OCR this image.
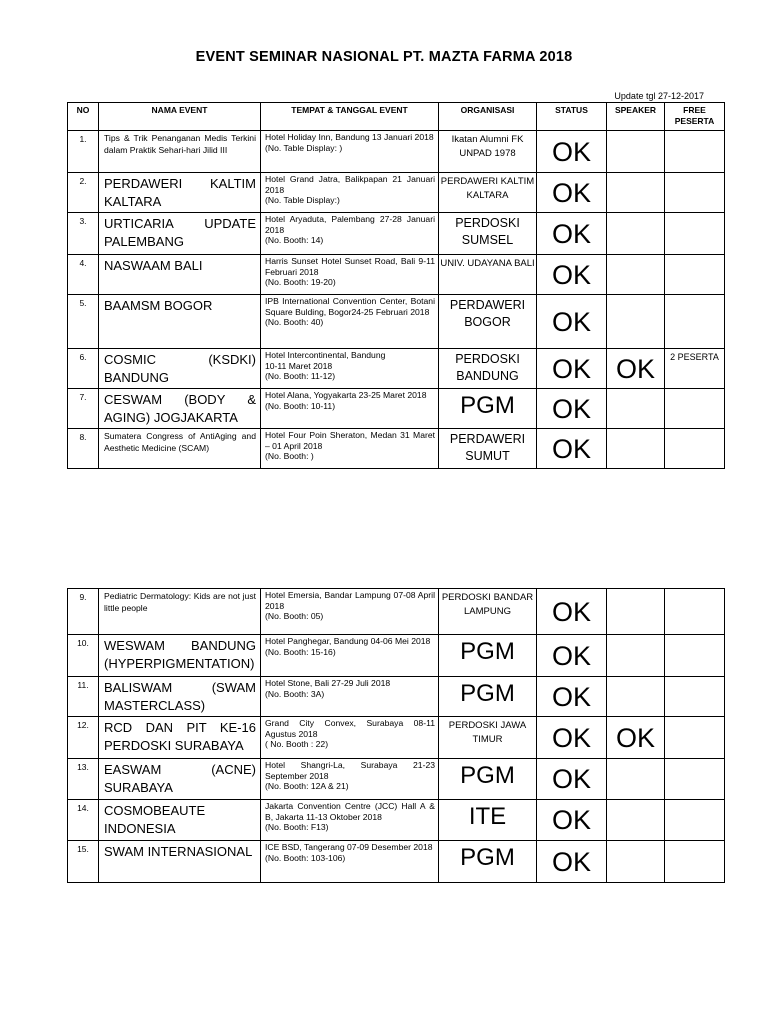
EVENT SEMINAR NASIONAL PT. MAZTA FARMA 2018
Update tgl 27-12-2017
NO	NAMA EVENT	TEMPAT & TANGGAL EVENT	ORGANISASI	STATUS	SPEAKER	FREE PESERTA
1.	Tips & Trik Penanganan Medis Terkini dalam Praktik Sehari-hari Jilid III	Hotel Holiday Inn, Bandung 13 Januari 2018
(No. Table Display: )	Ikatan Alumni FK UNPAD 1978	OK		
2.	PERDAWERI KALTIM KALTARA	Hotel Grand Jatra, Balikpapan 21 Januari 2018
(No. Table Display:)	PERDAWERI KALTIM KALTARA	OK		
3.	URTICARIA UPDATE PALEMBANG	Hotel Aryaduta, Palembang 27-28 Januari 2018
(No. Booth: 14)	PERDOSKI SUMSEL	OK		
4.	NASWAAM BALI	Harris Sunset Hotel Sunset Road, Bali 9-11 Februari 2018
(No. Booth: 19-20)	UNIV. UDAYANA BALI	OK		
5.	BAAMSM BOGOR	IPB International Convention Center, Botani Square Bulding, Bogor24-25 Februari 2018
(No. Booth: 40)	PERDAWERI BOGOR	OK		
6.	COSMIC (KSDKI) BANDUNG	Hotel Intercontinental, Bandung
10-11 Maret 2018
(No. Booth: 11-12)	PERDOSKI BANDUNG	OK	OK	2 PESERTA
7.	CESWAM (BODY & AGING) JOGJAKARTA	Hotel Alana, Yogyakarta 23-25 Maret 2018
(No. Booth: 10-11)	PGM	OK		
8.	Sumatera Congress of AntiAging and Aesthetic Medicine (SCAM)	Hotel Four Poin Sheraton, Medan 31 Maret – 01 April 2018
(No. Booth: )	PERDAWERI SUMUT	OK		
9.	Pediatric Dermatology: Kids are not just little people	Hotel Emersia, Bandar Lampung 07-08 April 2018
(No. Booth: 05)	PERDOSKI BANDAR LAMPUNG	OK		
10.	WESWAM BANDUNG (HYPERPIGMENTATION)	Hotel Panghegar, Bandung 04-06 Mei 2018
(No. Booth: 15-16)	PGM	OK		
11.	BALISWAM (SWAM MASTERCLASS)	Hotel Stone, Bali 27-29 Juli 2018
(No. Booth: 3A)	PGM	OK		
12.	RCD DAN PIT KE-16 PERDOSKI SURABAYA	Grand City Convex, Surabaya 08-11 Agustus 2018
( No. Booth : 22)	PERDOSKI JAWA TIMUR	OK	OK	
13.	EASWAM (ACNE) SURABAYA	Hotel Shangri-La, Surabaya 21-23 September 2018
(No. Booth: 12A & 21)	PGM	OK		
14.	COSMOBEAUTE INDONESIA	Jakarta Convention Centre (JCC) Hall A & B, Jakarta 11-13 Oktober 2018
(No. Booth: F13)	ITE	OK		
15.	SWAM INTERNASIONAL	ICE BSD, Tangerang 07-09 Desember 2018
(No. Booth: 103-106)	PGM	OK		
